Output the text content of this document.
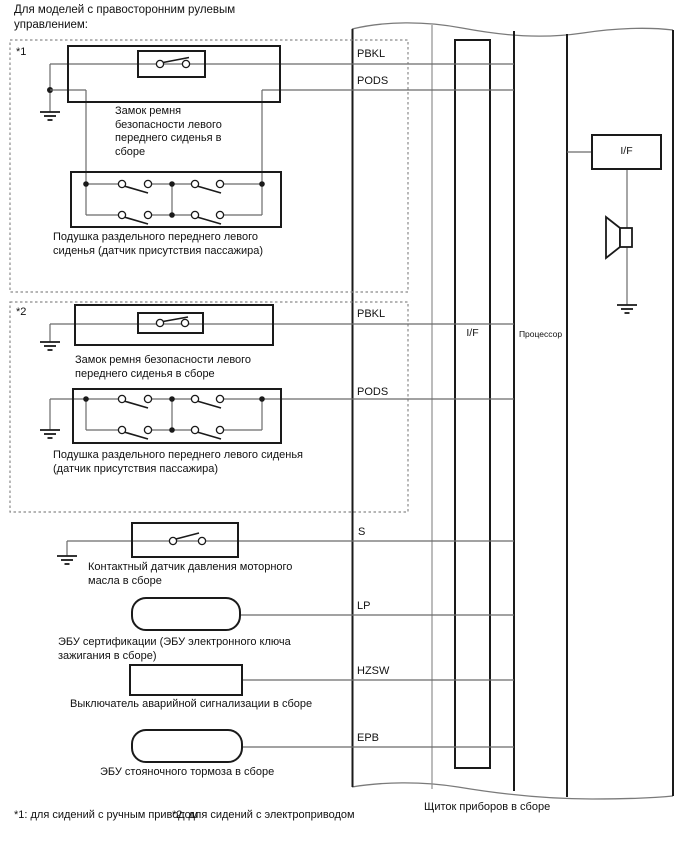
Для моделей с правосторонним рулевым
управлением:
*1
*2
PBKL
PODS
PBKL
PODS
S
LP
HZSW
EPB
Замок ремня
безопасности левого
переднего сиденья в
сборе
Подушка раздельного переднего левого
сиденья (датчик присутствия пассажира)
Замок ремня безопасности левого
переднего сиденья в сборе
Подушка раздельного переднего левого сиденья
(датчик присутствия пассажира)
Контактный датчик давления моторного
масла в сборе
ЭБУ сертификации (ЭБУ электронного ключа
зажигания в сборе)
Выключатель аварийной сигнализации в сборе
ЭБУ стояночного тормоза в сборе
I/F	Процессор
I/F
Щиток приборов в сборе
*1: для сидений с ручным приводом
*2: для сидений с электроприводом
